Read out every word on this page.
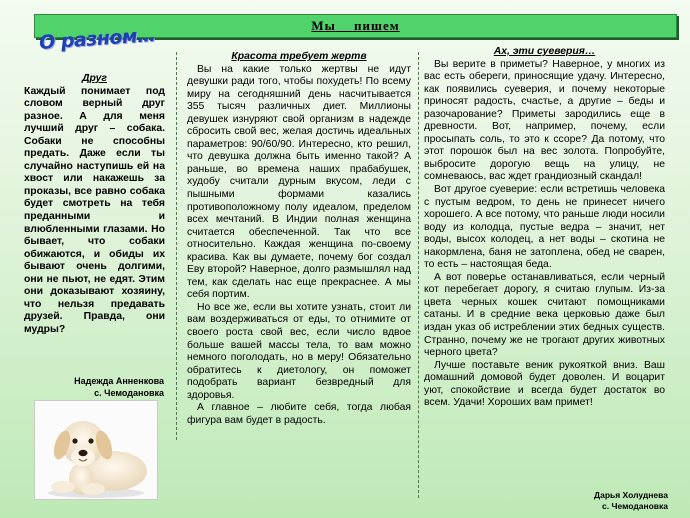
Мы пишем
О разном…
Друг

Каждый понимает под словом верный друг разное. А для меня лучший друг – собака. Собаки не способны предать. Даже если ты случайно наступишь ей на хвост или накажешь за проказы, все равно собака будет смотреть на тебя преданными и влюбленными глазами. Но бывает, что собаки обижаются, и обиды их бывают очень долгими, они не пьют, не едят. Этим они доказывают хозяину, что нельзя предавать друзей. Правда, они мудры?

Надежда Анненкова
с. Чемодановка
Красота требует жертв

Вы на какие только жертвы не идут девушки ради того, чтобы похудеть! По всему миру на сегодняшний день насчитывается 355 тысяч различных диет. Миллионы девушек изнуряют свой организм в надежде сбросить свой вес, желая достичь идеальных параметров: 90/60/90. Интересно, кто решил, что девушка должна быть именно такой? А раньше, во времена наших прабабушек, худобу считали дурным вкусом, леди с пышными формами казались противоположному полу идеалом, пределом всех мечтаний. В Индии полная женщина считается обеспеченной. Так что все относительно. Каждая женщина по-своему красива. Как вы думаете, почему бог создал Еву второй? Наверное, долго размышлял над тем, как сделать нас еще прекраснее. А мы себя портим.

Но все же, если вы хотите узнать, стоит ли вам воздерживаться от еды, то отнимите от своего роста свой вес, если число вдвое больше вашей массы тела, то вам можно немного поголодать, но в меру! Обязательно обратитесь к диетологу, он поможет подобрать вариант безвредный для здоровья.

А главное – любите себя, тогда любая фигура вам будет в радость.

Ах, эти суеверия…

Вы верите в приметы? Наверное, у многих из вас есть обереги, приносящие удачу. Интересно, как появились суеверия, и почему некоторые приносят радость, счастье, а другие – беды и разочарование? Приметы зародились еще в древности. Вот, например, почему, если просыпать соль, то это к ссоре? Да потому, что этот порошок был на вес золота. Попробуйте, выбросите дорогую вещь на улицу, не сомневаюсь, вас ждет грандиозный скандал!

Вот другое суеверие: если встретишь человека с пустым ведром, то день не принесет ничего хорошего. А все потому, что раньше люди носили воду из колодца, пустые ведра – значит, нет воды, высох колодец, а нет воды – скотина не накормлена, баня не затоплена, обед не сварен, то есть – настоящая беда.

А вот поверье останавливаться, если черный кот перебегает дорогу, я считаю глупым. Из-за цвета черных кошек считают помощниками сатаны. И в средние века церковью даже был издан указ об истреблении этих бедных существ. Странно, почему же не трогают других животных черного цвета?

Лучше поставьте веник рукояткой вниз. Ваш домашний домовой будет доволен. И воцарит уют, спокойствие и всегда будет достаток во всем. Удачи! Хороших вам примет!

Дарья Холуднева
с. Чемодановка
